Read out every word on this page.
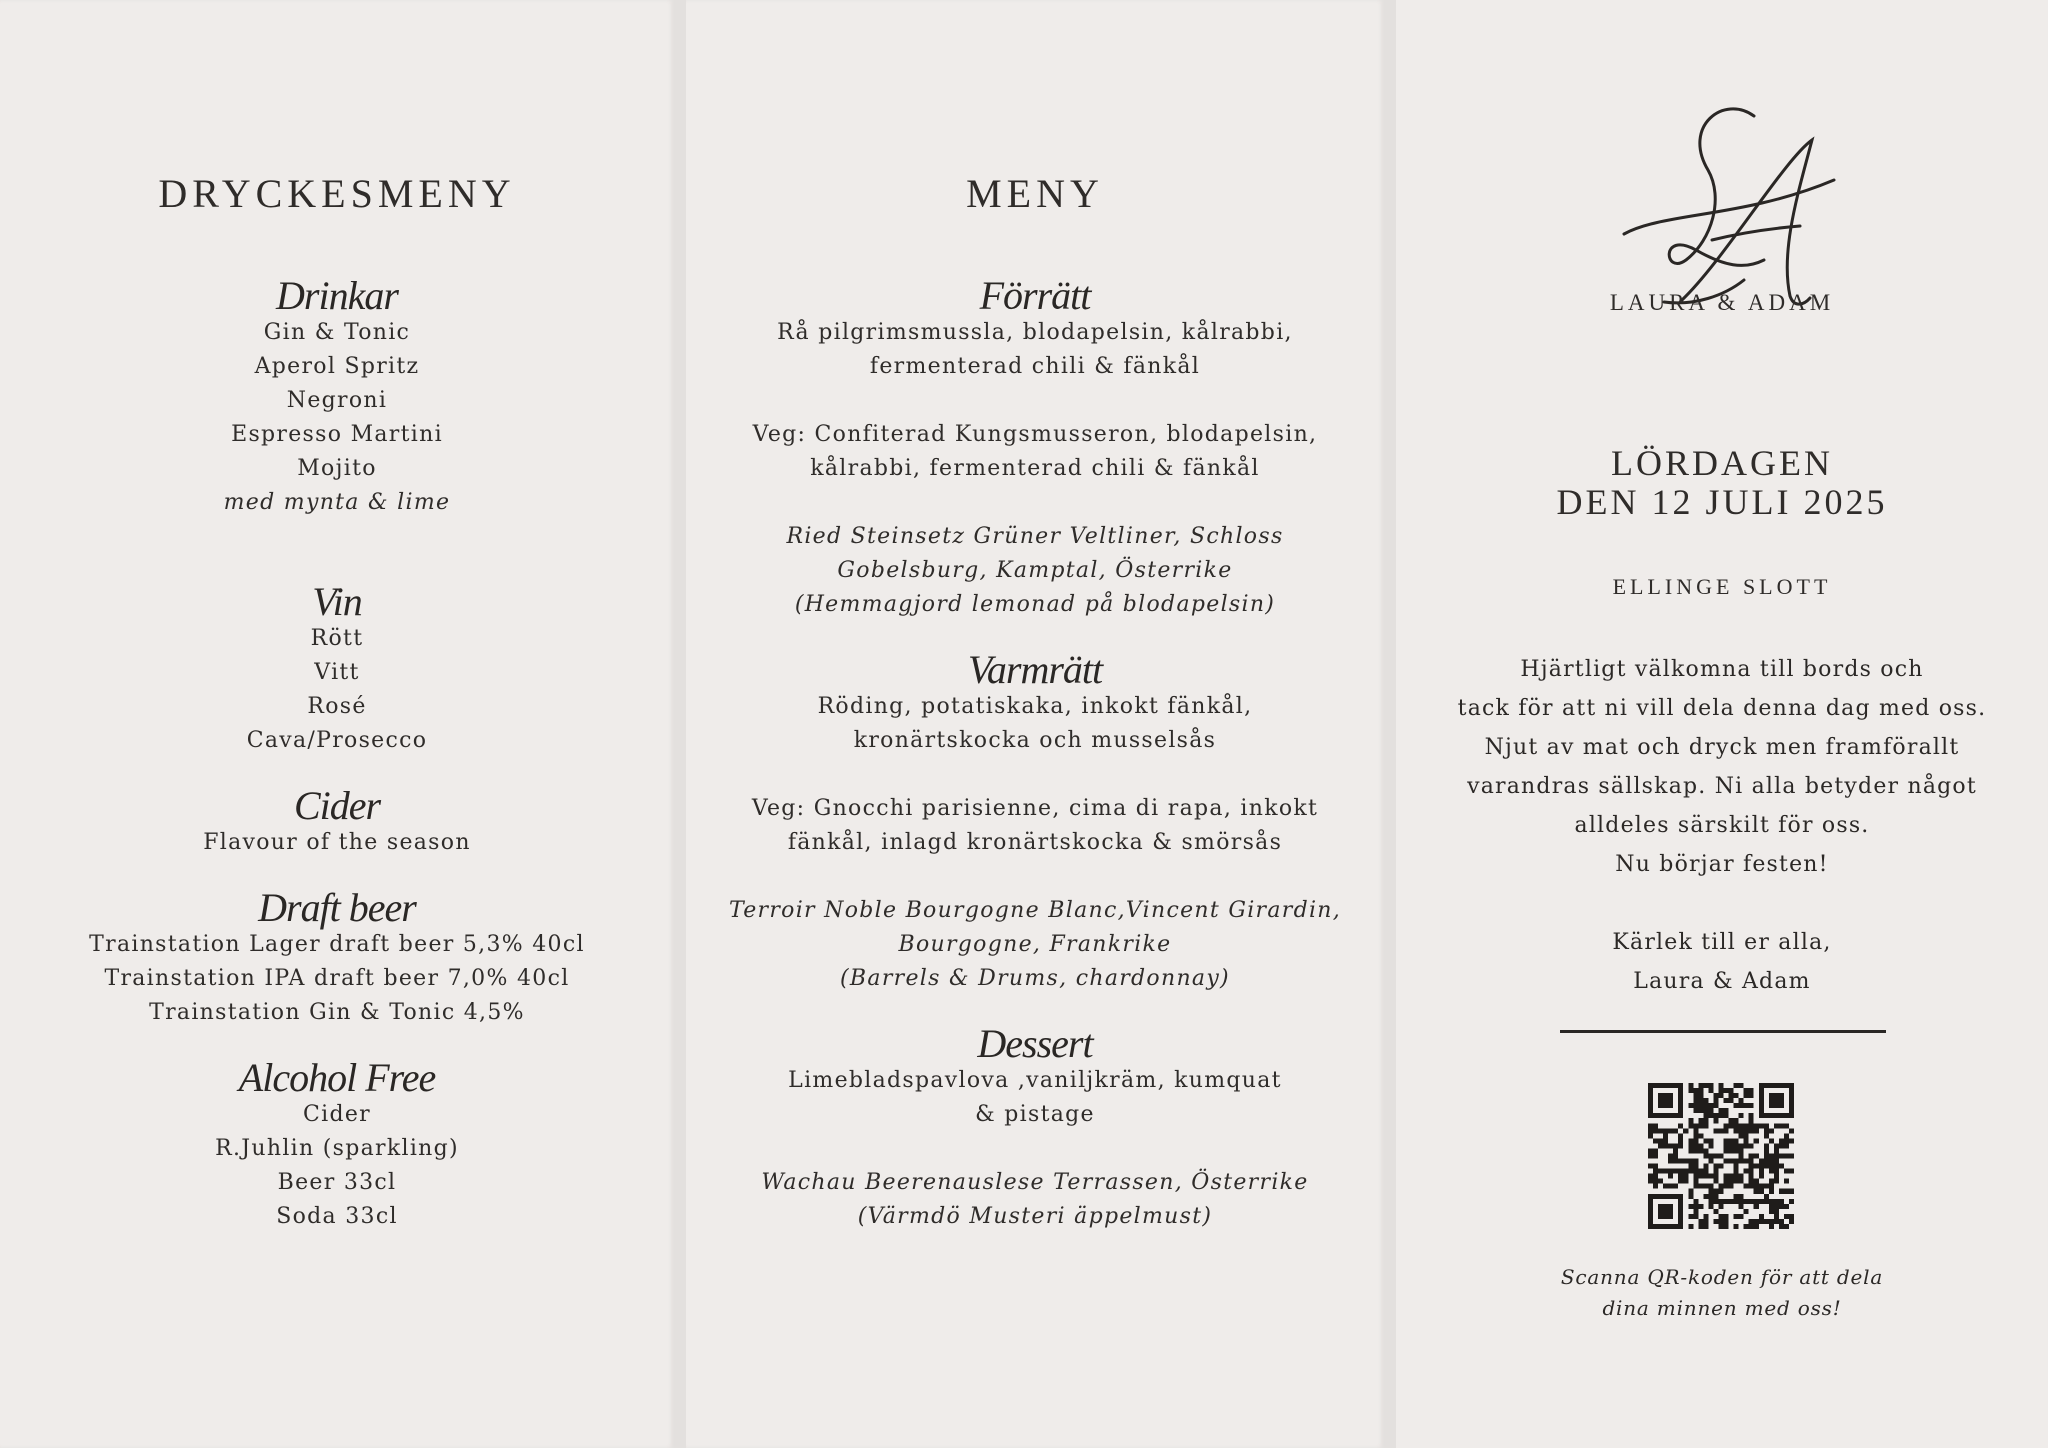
DRYCKESMENY
Drinkar
Gin & Tonic
Aperol Spritz
Negroni
Espresso Martini
Mojito
med mynta & lime
Vin
Rött
Vitt
Rosé
Cava/Prosecco
Cider
Flavour of the season
Draft beer
Trainstation Lager draft beer 5,3% 40cl
Trainstation IPA draft beer 7,0% 40cl
Trainstation Gin & Tonic 4,5%
Alcohol Free
Cider
R.Juhlin (sparkling)
Beer 33cl
Soda 33cl
MENY
Förrätt
Rå pilgrimsmussla, blodapelsin, kålrabbi,
fermenterad chili & fänkål
Veg: Confiterad Kungsmusseron, blodapelsin,
kålrabbi, fermenterad chili & fänkål
Ried Steinsetz Grüner Veltliner, Schloss
Gobelsburg, Kamptal, Österrike
(Hemmagjord lemonad på blodapelsin)
Varmrätt
Röding, potatiskaka, inkokt fänkål,
kronärtskocka och musselsås
Veg: Gnocchi parisienne, cima di rapa, inkokt
fänkål, inlagd kronärtskocka & smörsås
Terroir Noble Bourgogne Blanc,Vincent Girardin,
Bourgogne, Frankrike
(Barrels & Drums, chardonnay)
Dessert
Limebladspavlova ,vaniljkräm, kumquat
& pistage
Wachau Beerenauslese Terrassen, Österrike
(Värmdö Musteri äppelmust)
LAURA & ADAM
LÖRDAGEN
DEN 12 JULI 2025
ELLINGE SLOTT
Hjärtligt välkomna till bords och
tack för att ni vill dela denna dag med oss.
Njut av mat och dryck men framförallt
varandras sällskap. Ni alla betyder något
alldeles särskilt för oss.
Nu börjar festen!
Kärlek till er alla,
Laura & Adam
Scanna QR-koden för att dela
dina minnen med oss!
